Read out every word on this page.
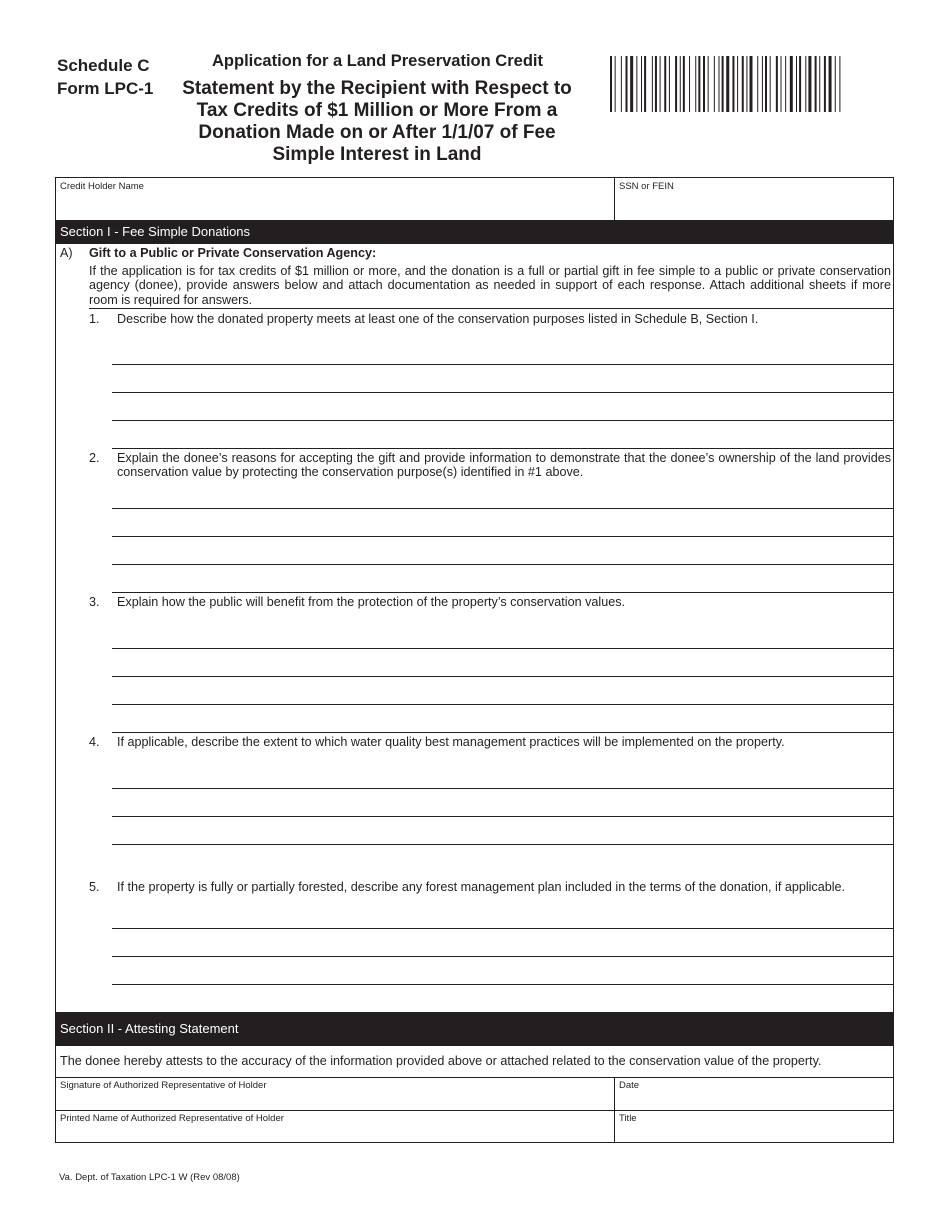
Schedule C
Form LPC-1
Application for a Land Preservation Credit
Statement by the Recipient with Respect to Tax Credits of $1 Million or More From a Donation Made on or After 1/1/07 of Fee Simple Interest in Land
Credit Holder Name	SSN or FEIN
Section I - Fee Simple Donations
A) Gift to a Public or Private Conservation Agency:
If the application is for tax credits of $1 million or more, and the donation is a full or partial gift in fee simple to a public or private conservation agency (donee), provide answers below and attach documentation as needed in support of each response. Attach additional sheets if more room is required for answers.
1. Describe how the donated property meets at least one of the conservation purposes listed in Schedule B, Section I.
2. Explain the donee’s reasons for accepting the gift and provide information to demonstrate that the donee’s ownership of the land provides conservation value by protecting the conservation purpose(s) identified in #1 above.
3. Explain how the public will benefit from the protection of the property’s conservation values.
4. If applicable, describe the extent to which water quality best management practices will be implemented on the property.
5. If the property is fully or partially forested, describe any forest management plan included in the terms of the donation, if applicable.
Section II - Attesting Statement
The donee hereby attests to the accuracy of the information provided above or attached related to the conservation value of the property.
Signature of Authorized Representative of Holder	Date
Printed Name of Authorized Representative of Holder	Title
Va. Dept. of Taxation LPC-1 W (Rev 08/08)
